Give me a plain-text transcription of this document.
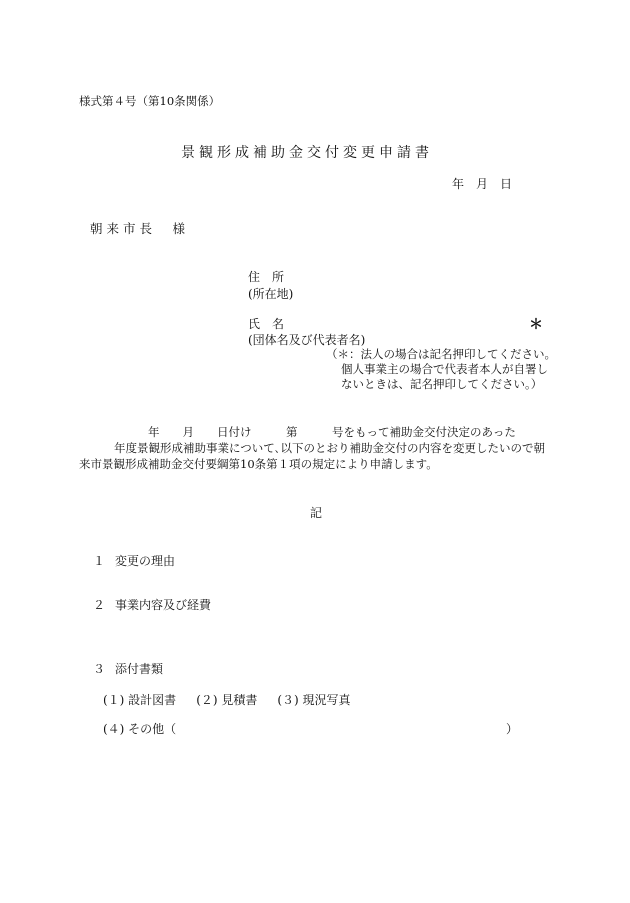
様式第４号（第10条関係）
景観形成補助金交付変更申請書
年　月　日
朝来市長　様
住　所
(所在地)
氏　名	＊
(団体名及び代表者名)
（＊：法人の場合は記名押印してください。
個人事業主の場合で代表者本人が自署し
ないときは、記名押印してください。）
年　　月　　日付け　　　第　　　号をもって補助金交付決定のあった
年度景観形成補助事業について､以下のとおり補助金交付の内容を変更したいので朝
来市景観形成補助金交付要綱第10条第１項の規定により申請します。
記
１ 変更の理由
２ 事業内容及び経費
３ 添付書類
(１) 設計図書 (２) 見積書 (３) 現況写真
(４) その他（	）
